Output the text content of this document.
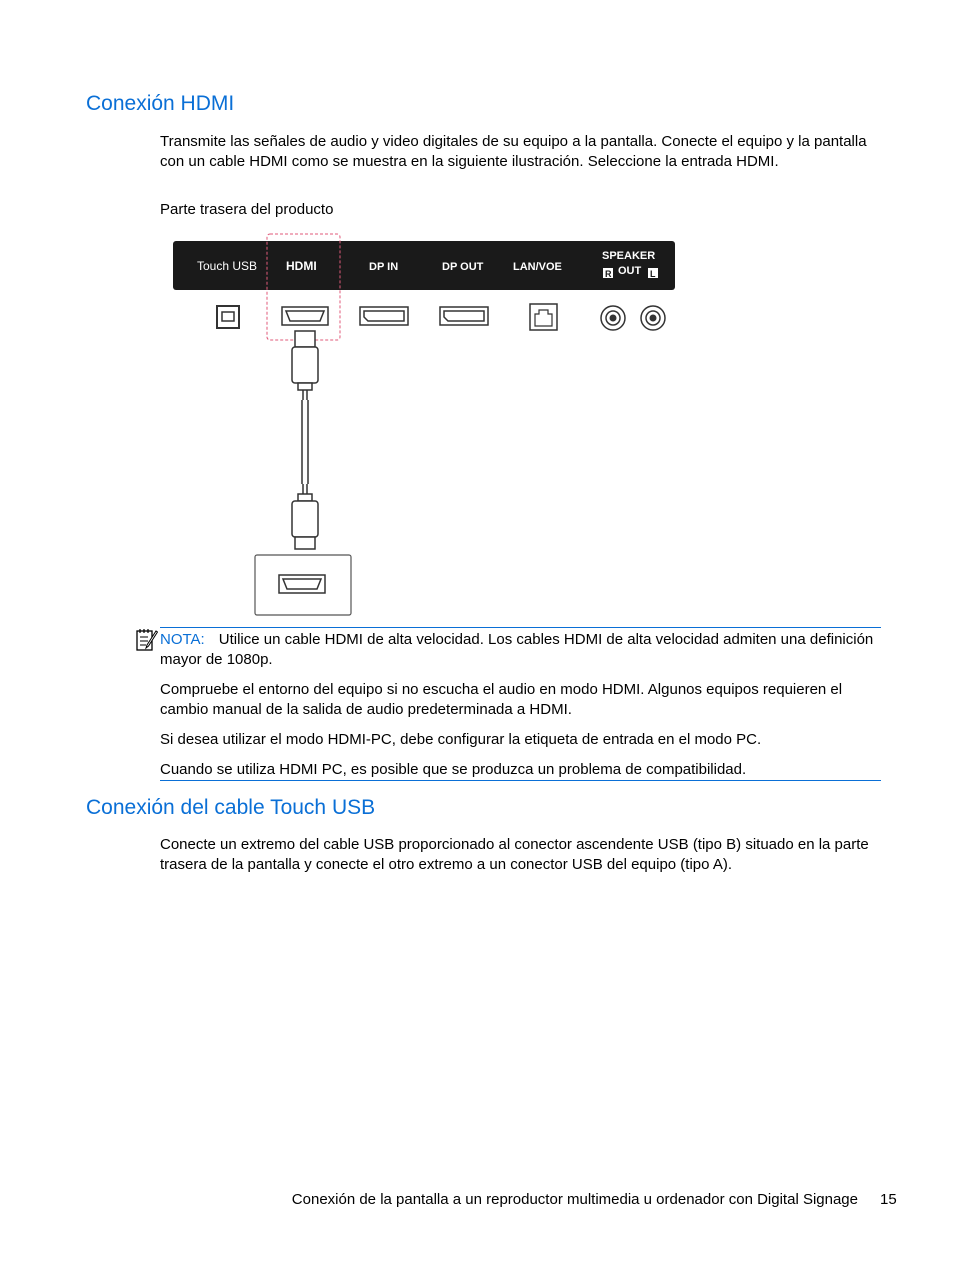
Conexión HDMI

Transmite las señales de audio y video digitales de su equipo a la pantalla. Conecte el equipo y la pantalla con un cable HDMI como se muestra en la siguiente ilustración. Seleccione la entrada HDMI.

Parte trasera del producto

Touch USB HDMI	DP IN	DP OUT	LAN/VOE
SPEAKER
R OUT L

NOTA: Utilice un cable HDMI de alta velocidad. Los cables HDMI de alta velocidad admiten una definición mayor de 1080p.

Compruebe el entorno del equipo si no escucha el audio en modo HDMI. Algunos equipos requieren el cambio manual de la salida de audio predeterminada a HDMI.

Si desea utilizar el modo HDMI-PC, debe configurar la etiqueta de entrada en el modo PC.

Cuando se utiliza HDMI PC, es posible que se produzca un problema de compatibilidad.

Conexión del cable Touch USB

Conecte un extremo del cable USB proporcionado al conector ascendente USB (tipo B) situado en la parte trasera de la pantalla y conecte el otro extremo a un conector USB del equipo (tipo A).

Conexión de la pantalla a un reproductor multimedia u ordenador con Digital Signage 15
